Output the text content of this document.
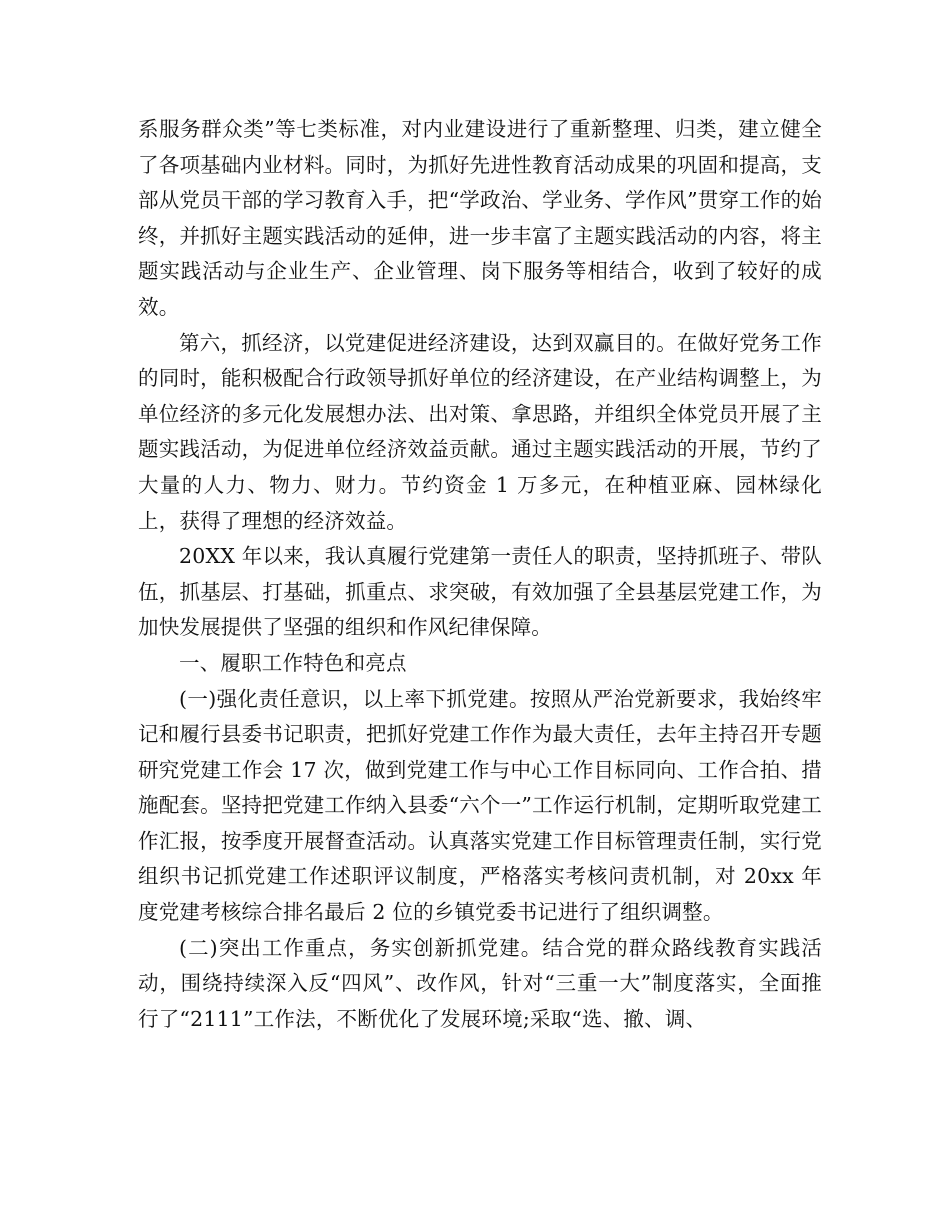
系服务群众类”等七类标准，对内业建设进行了重新整理、归类，建立健全了各项基础内业材料。同时，为抓好先进性教育活动成果的巩固和提高，支部从党员干部的学习教育入手，把“学政治、学业务、学作风”贯穿工作的始终，并抓好主题实践活动的延伸，进一步丰富了主题实践活动的内容，将主题实践活动与企业生产、企业管理、岗下服务等相结合，收到了较好的成效。

第六，抓经济，以党建促进经济建设，达到双赢目的。在做好党务工作的同时，能积极配合行政领导抓好单位的经济建设，在产业结构调整上，为单位经济的多元化发展想办法、出对策、拿思路，并组织全体党员开展了主题实践活动，为促进单位经济效益贡献。通过主题实践活动的开展，节约了大量的人力、物力、财力。节约资金 1 万多元，在种植亚麻、园林绿化上，获得了理想的经济效益。

20XX 年以来，我认真履行党建第一责任人的职责，坚持抓班子、带队伍，抓基层、打基础，抓重点、求突破，有效加强了全县基层党建工作，为加快发展提供了坚强的组织和作风纪律保障。

一、履职工作特色和亮点

(一)强化责任意识，以上率下抓党建。按照从严治党新要求，我始终牢记和履行县委书记职责，把抓好党建工作作为最大责任，去年主持召开专题研究党建工作会 17 次，做到党建工作与中心工作目标同向、工作合拍、措施配套。坚持把党建工作纳入县委“六个一”工作运行机制，定期听取党建工作汇报，按季度开展督查活动。认真落实党建工作目标管理责任制，实行党组织书记抓党建工作述职评议制度，严格落实考核问责机制，对 20xx 年度党建考核综合排名最后 2 位的乡镇党委书记进行了组织调整。

(二)突出工作重点，务实创新抓党建。结合党的群众路线教育实践活动，围绕持续深入反“四风”、改作风，针对“三重一大”制度落实，全面推行了“2111”工作法，不断优化了发展环境;采取“选、撤、调、
